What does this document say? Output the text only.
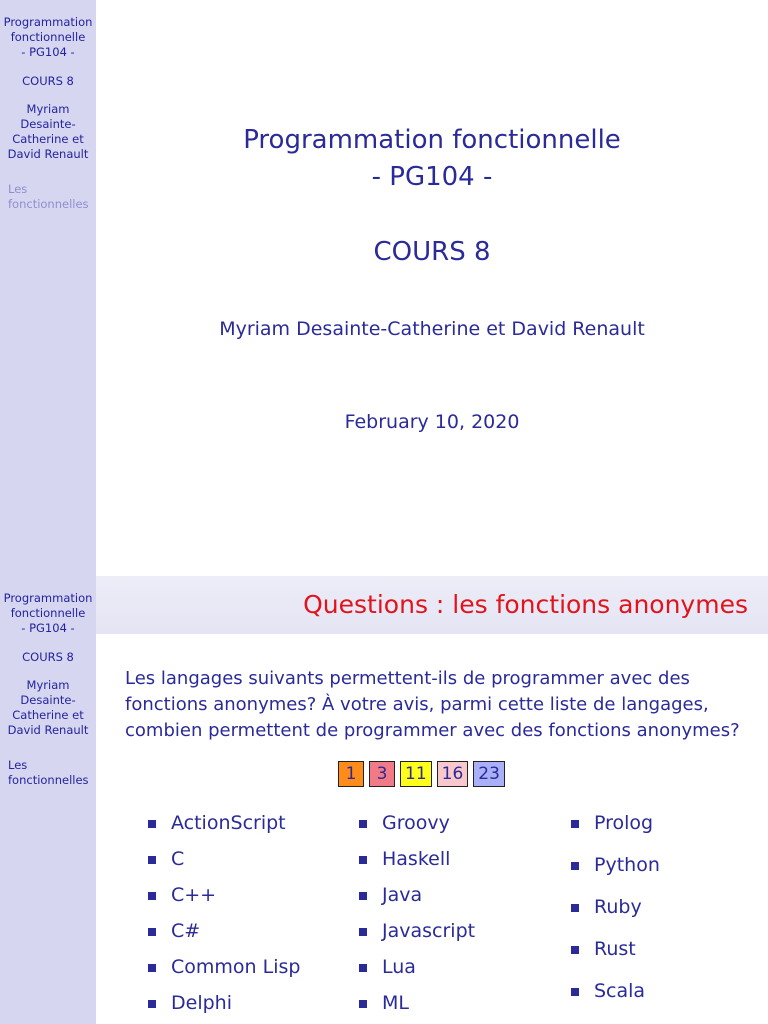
Programmation
fonctionnelle
- PG104 -
COURS 8
Myriam
Desainte-
Catherine et
David Renault
Les
fonctionnelles
Programmation fonctionnelle
- PG104 -
COURS 8
Myriam Desainte-Catherine et David Renault
February 10, 2020
Programmation
fonctionnelle
- PG104 -
COURS 8
Myriam
Desainte-
Catherine et
David Renault
Les
fonctionnelles
Questions : les fonctions anonymes
Les langages suivants permettent-ils de programmer avec des
fonctions anonymes? À votre avis, parmi cette liste de langages,
combien permettent de programmer avec des fonctions anonymes?
1	3	11 16 23
ActionScript
C
C++
C#
Common Lisp
Delphi
Groovy
Haskell
Java
Javascript
Lua
ML
Prolog
Python
Ruby
Rust
Scala
